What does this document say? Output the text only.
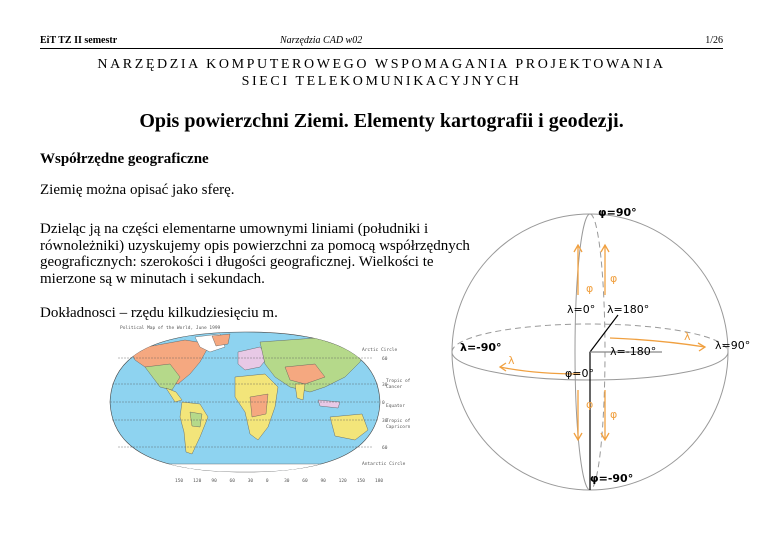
EiT TZ II semestr	Narzędzia CAD w02	1/26
NARZĘDZIA KOMPUTEROWEGO WSPOMAGANIA PROJEKTOWANIA
SIECI TELEKOMUNIKACYJNYCH
Opis powierzchni Ziemi. Elementy kartografii i geodezji.
Współrzędne geograficzne
Ziemię można opisać jako sferę.
Dzieląc ją na części elementarne umownymi liniami (południki i równoleżniki) uzyskujemy opis powierzchni za pomocą współrzędnych geograficznych: szerokości i długości geograficznej. Wielkości te mierzone są w minutach i sekundach.
Dokładnosci – rzędu kilkudziesięciu m.
Political Map of the World, June 1999
Arctic Circle
Tropic of
Cancer
Equator
Tropic of
Capricorn
Antarctic Circle
60
30
0
30
60
150 120 90	60	30	0	30	60	90	120 150 180
φ=90°
φ=-90°
φ=0°
λ=0° λ=180°
λ=-90°	λ=90°
λ=-180°
φ
φ
φ
φ
λ
λ
